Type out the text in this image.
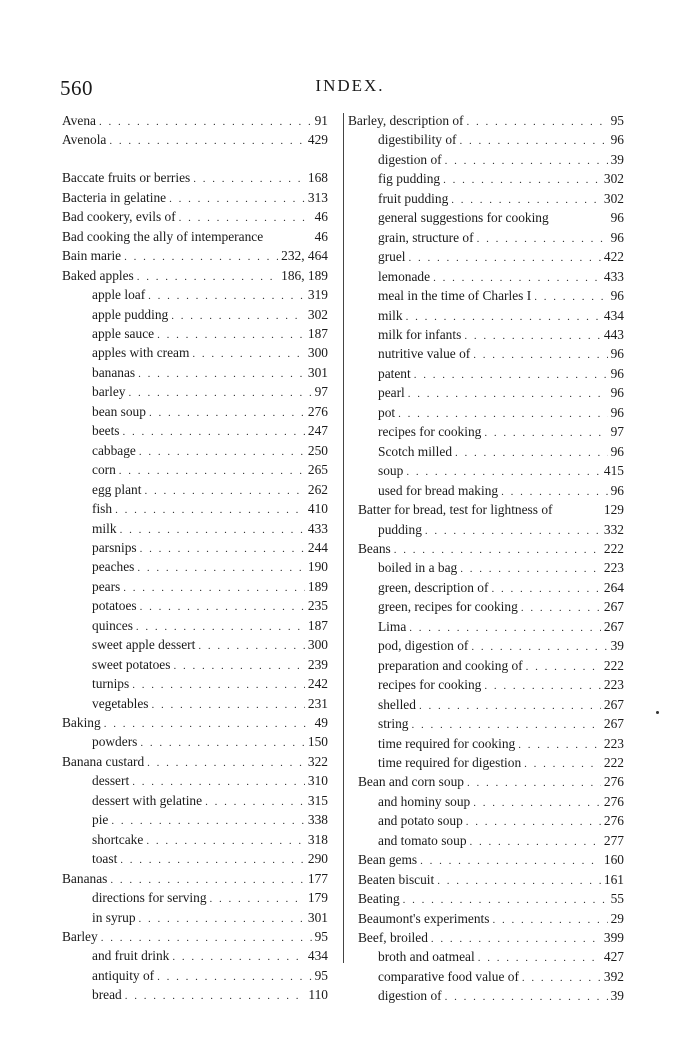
560	INDEX.
Avena . . .	91
Avenola . . .	429
Baccate fruits or berries . . .	168
Bacteria in gelatine . . .	313
Bad cookery, evils of . . .	46
Bad cooking the ally of intemperance	46
Bain marie . . .	232, 464
Baked apples . . .	186, 189
apple loaf . . .	319
apple pudding . . .	302
apple sauce . . .	187
apples with cream . . .	300
bananas . . .	301
barley . . .	97
bean soup . . .	276
beets . . .	247
cabbage . . .	250
corn . . .	265
egg plant . . .	262
fish . . .	410
milk . . .	433
parsnips . . .	244
peaches . . .	190
pears . . .	189
potatoes . . .	235
quinces . . .	187
sweet apple dessert . . .	300
sweet potatoes . . .	239
turnips . . .	242
vegetables . . .	231
Baking . . .	49
powders . . .	150
Banana custard . . .	322
dessert . . .	310
dessert with gelatine . . .	315
pie . . .	338
shortcake . . .	318
toast . . .	290
Bananas . . .	177
directions for serving . . .	179
in syrup . . .	301
Barley . . .	95
and fruit drink . . .	434
antiquity of . . .	95
bread . . .	110
Barley, description of . . .	95
digestibility of . . .	96
digestion of . . .	39
fig pudding . . .	302
fruit pudding . . .	302
general suggestions for cooking	96
grain, structure of . . .	96
gruel . . .	422
lemonade . . .	433
meal in the time of Charles I . . .	96
milk . . .	434
milk for infants . . .	443
nutritive value of . . .	96
patent . . .	96
pearl . . .	96
pot . . .	96
recipes for cooking . . .	97
Scotch milled . . .	96
soup . . .	415
used for bread making . . .	96
Batter for bread, test for lightness of	129
pudding . . .	332
Beans . . .	222
boiled in a bag . . .	223
green, description of . . .	264
green, recipes for cooking . . .	267
Lima . . .	267
pod, digestion of . . .	39
preparation and cooking of . . .	222
recipes for cooking . . .	223
shelled . . .	267
string . . .	267
time required for cooking . . .	223
time required for digestion . . .	222
Bean and corn soup . . .	276
and hominy soup . . .	276
and potato soup . . .	276
and tomato soup . . .	277
Bean gems . . .	160
Beaten biscuit . . .	161
Beating . . .	55
Beaumont's experiments . . .	29
Beef, broiled . . .	399
broth and oatmeal . . .	427
comparative food value of . . .	392
digestion of . . .	39
